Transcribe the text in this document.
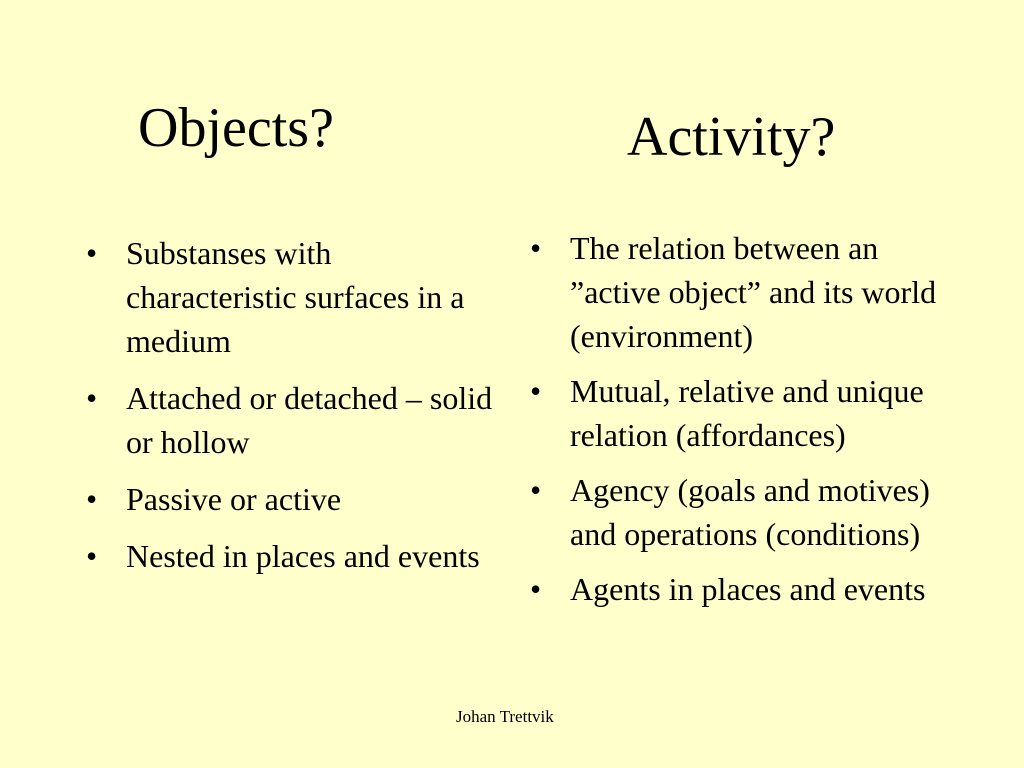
Objects?	Activity?
• Substanses with characteristic surfaces in a medium
• Attached or detached – solid or hollow
• Passive or active
• Nested in places and events
• The relation between an ”active object” and its world (environment)
• Mutual, relative and unique relation (affordances)
• Agency (goals and motives) and operations (conditions)
• Agents in places and events
Johan Trettvik
